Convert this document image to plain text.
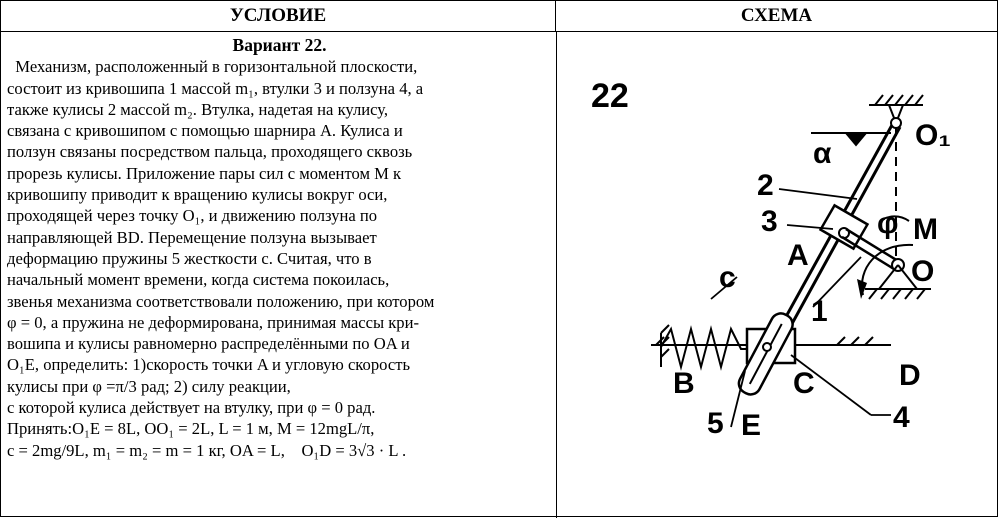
УСЛОВИЕ	СХЕМА
Вариант 22.

Механизм, расположенный в горизонтальной плоскости,

состоит из кривошипа 1 массой m₁, втулки 3 и ползуна 4, а

также кулисы 2 массой m₂. Втулка, надетая на кулису,

связана с кривошипом с помощью шарнира A. Кулиса и

ползун связаны посредством пальца, проходящего сквозь

прорезь кулисы. Приложение пары сил с моментом M к

кривошипу приводит к вращению кулисы вокруг оси,

проходящей через точку O₁, и движению ползуна по

направляющей BD. Перемещение ползуна вызывает

деформацию пружины 5 жесткости c. Считая, что в

начальный момент времени, когда система покоилась,

звенья механизма соответствовали положению, при котором

φ = 0, а пружина не деформирована, принимая массы кри-

вошипа и кулисы равномерно распределёнными по OA и

O₁E, определить: 1)скорость точки A и угловую скорость

кулисы при φ =π/3 рад; 2) силу реакции,

с которой кулиса действует на втулку, при φ = 0 рад.

Принять:O₁E = 8L, OO₁ = 2L, L = 1 м, M = 12mgL/π,

c = 2mg/9L, m₁ = m₂ = m = 1 кг, OA = L,    O₁D = 3√3 · L .

22
O₁
O
α
φ M
A
B	C	D
E
c
1
2
3
4
5
